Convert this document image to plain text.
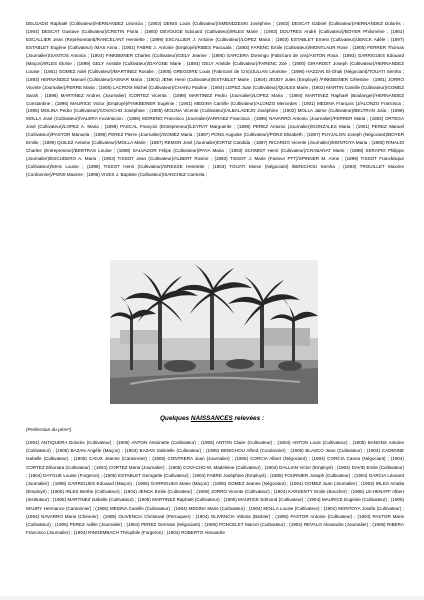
DELGADO Raphaël (Cultivateur)/HERNANDEZ Léonicia ; (1902) DENIS Louis (Cultivateur)/SMENDZESKI Joséphine ; (1902) DESCAT Gabriel (Cultivateur)/HERNANDEZ Dolorès ; (1904) DESCAT Gustave (Cultivateur)/CRETIN Floria ; (1893) DEVOUGE Edouard (Cultivateur)/IRLES Marie ; (1903) DOUTRES André (Cultivateur)/BOYER Philomène ; (1902) ESCALLIER Jean (Représentant)/RANCELANT Henriette ; (1899) ESCALLIER J. Antoine (Cultivateur)/LOPEZ Maria ; (1903) ESTABLET Ernest (Cultivateur)/JENCK Adèle ; (1897) ESTABLET Eugène (Cultivateur) /MAS Anna ; (1901) FABRE J. Antoine (Employé)/RIBES Pascuala ; (1893) FARENC Emile (Cultivateur)/MONTLAUR Rose ; (1905) FERRER Thomas (Journalier)/SANTOS Antonia ; (1904) FINKBEINER Charles (Cultivateur)/GELY Jeanne ; (1895) GARCERA Domingo (Fabricant de cris)/ANTON Rosa ; (1893) GARRIGUES Edouard (Maçon)/IRLES Eloïse ; (1899) GELY Aristide (Cultivateur)/DAYGNE Marie ; (1893) GELY Aristide (Cultivateur)/FARENC Zoé ; (1900) GIRARDET Joseph (Cultivateur)/HERNANDEZ Louise ; (1901) GOMEZ Adel (Cultivateur)/MARTINEZ Rosalie ; (1905) GREGOIRE Louis (Fabricant de Crin)/JULIAN Léontine ; (1896) HAZZAN El-Ghali (Négociant)/TOUATI Semha ; (1893) HERNANDEZ Manuel (Cultivateur)/ASNAR Maria ; (1901) JENK Henri (Cultivateur)/ESTABLET Marie ; (1904) JEUDY Jules (Employé) /FINKBEINER Célestine ; (1901) JORRO Vicente (Journalier)/FERRE Maria ; (1905) LACROIX Michel (Cultivateur)/CHANU Pauline ; (1904) LOPEZ Juan (Cultivateur)/QUILES Marie ; (1902) MARTIN Camille (Cultivateur)/GOMEZ Sarah ; (1896) MARTINEZ Andres (Journalier) /CORTEZ Vicenta ; (1898) MARTINEZ Pedro (Journalier)/LOPEZ Maria ; (1894) MARTINEZ Raphaël (Boulanger)/HERNANDEZ Constantine ; (1896) MAURICE Victor (Employé)/FINKBEINER Eugénie ; (1901) MEDINA Camille (Cultivateur)/ALONZO Mercedes ; (1901) MEDINA François (J/ALONZO Francisca ; (1905) MOLINA Pedro (Cultivateur)/COVACHO Joséphine ; (1905) MOLINA Vicente (Cultivateur)/ALBALADEJO Joséphine ; (1902) MOLLA Jaime (Cultivateur)/BELTRAN Julia ; (1898) MOLLA José (Cultivateur)/VALERA Incarnacion ; (1895) MORENO Francisco (Journalier)/ARRAEZ Francisca ; (1896) NAVARRO Antonio (Journalier)/FERRER Maria ; (1893) ORTEGA José (Cultivateur)/LOPEZ A. Maria ; (1899) PASCAL François (Entrepreneur)/LEYRAT Marguerite ; (1896) PEREZ Antonio (Journalier)/GONZALES Maria ; (1901) PEREZ Manuel (Cultivateur)/PASTOR Manuela ; (1896) PEREZ Pierre (Journalier)/GOMEZ Maria ; (1897) PONS Auguste (Cultivateur)/PONS Elisabeth ; (1897) PUYJALON Joseph (Négociant)/BOYER Emilie ; (1899) QUILEZ Antoine (Cultivateur)/MOLLA Marie ; (1897) REMON José (Journalier)/ORTIZ Candida ; (1897) RICARDO Vicente (Journalier)/MONTOYA Maria ; (1905) RINALDI Charles (Entrepreneur)/BERTRAS Louise ; (1898) SALVADOR Felipe (Cultivateur)/PAYA Maria ; (1903) SCHMIDT Henri (Cultivateur)/CRABANAT Marie ; (1898) SERAPIO Philippe (Journalier)/ESCUDERO A. Maria ; (1903) TISSOT Jean (Cultivateur)/ALBERT Rosine ; (1893) TISSOT J. Marie (Facteur PTT)/SPINNER M. Anne ; (1899) TISSOT Franckisque (Cultivateur)/MAS Louise ; (1898) TISSOT Henri (Cultivateur)/GRESSE Henriette ; (1903) TOUATI Moïse (Négociant) /BENICHOU Semha ; (1893) TROUILLET Maxime (Cordonnier)/PONS Maxime ; (1896) VIVES J. Baptiste (Cultivateur)/SANCHEZ Carmela ;
Quelques NAISSANCES relevées :
(Profession du père*)
(1904) ANTIQUERA Dolorès (Cultivateur) ; (1905) ANTON Antoinette (Cultivateur) ; (1905) ANTON Claire (Cultivateur) ; (1904) ANTON Louis (Cultivateur) ; (1905) BANONS Antoine (Cultivateur) ; (1905) BAZAN Angèle (Maçon) ; (1904) BAZAN Gabrielle (Cultivateur) ; (1905) BENICHOU Alfred (Cordonnier) ; (1905) BLASCO Jean (Cultivateur) ; (1904) CADENNE Isabelle (Cultivateur) ; (1905) CAIUX Jeanne (Cantonnier) ; (1905) CONTRERA Juan (Journalier) ; (1905) CORCIA Albert (Négociant) ; (1904) CORCIA Canna (Négociant) ; (1904) CORTEZ Eléonara (Cultivateur) ; (1904) CORTEZ Maria (Journalier) ; (1905) COVACHO M. Madeleine (Cultivateur) ; (1904) DALLIAN Victor (Employé) ; (1904) DAVID Emile (Cultivateur) ; (1904) DAYGUE Louise (Forgeron) ; (1905) ESTABLET Georgette (Cultivateur) ; (1904) FABRE Joséphine (Employé) ; (1905) FOURNIER Joseph (Cultivateur) ; (1904) GARCIA Léonard (Journalier) ; (1905) GARRIGUES Edouard (Maçon) ; (1905) GARRIGUES Marie (Maçon) ; (1905) GOMEZ Jeanne (Négociant) ; (1904) GOMEZ Juan (Journalier) ; (1904) IRLES Amalia (Employé) ; (1905) IRLES Berthe (Cultivateur) ; (1904) JENCK Emile (Cultivateur) ; (1905) JORRO Vicente (Cultivateur) ; (1904) KARSENTY Etoile (Boucher) ; (1905) LE-HENAFF Albert (Instituteur) ; (1905) MARTINEZ Isabelle (Cultivateur) ; (1905) MARTINEZ Raphaël (Cultivateur) ; (1905) MAURICE Edmond (Cultivateur) ; (1904) MAURICE Eugénie (Cultivateur) ; (1905) MAURY Hermance (Cantonnier) ; (1905) MEDINA Camille (Cultivateur) ; (1904) MEDINA Marie (Cultivateur) ; (1904) MOLLA Louise (Cultivateur) ; (1904) MONTOYA Josefa (Cultivateur) ; (1904) NAVARRO Maria (Chevrier) ; (1905) OLIVENCIA Christoval (Perruquier) ; (1904) OLIVENCIA Vittoria (Barbier) ; (1905) PASTOR Antoine (Cultivateur) ; (1904) PASTOR Marie (Cultivateur) ; (1905) PEREZ Adèle (Journalier) ; (1904) PEREZ Germain (Négociant) ; (1905) PONCELET Marcel (Cultivateur) ; (1904) REVALO Alexandre (Journalier) ; (1905) RIBERA Francisco (Journalier) ; (1904) RINGEMBACH Théophile (Forgeron) ; (1904) ROBERTO Alexandre
